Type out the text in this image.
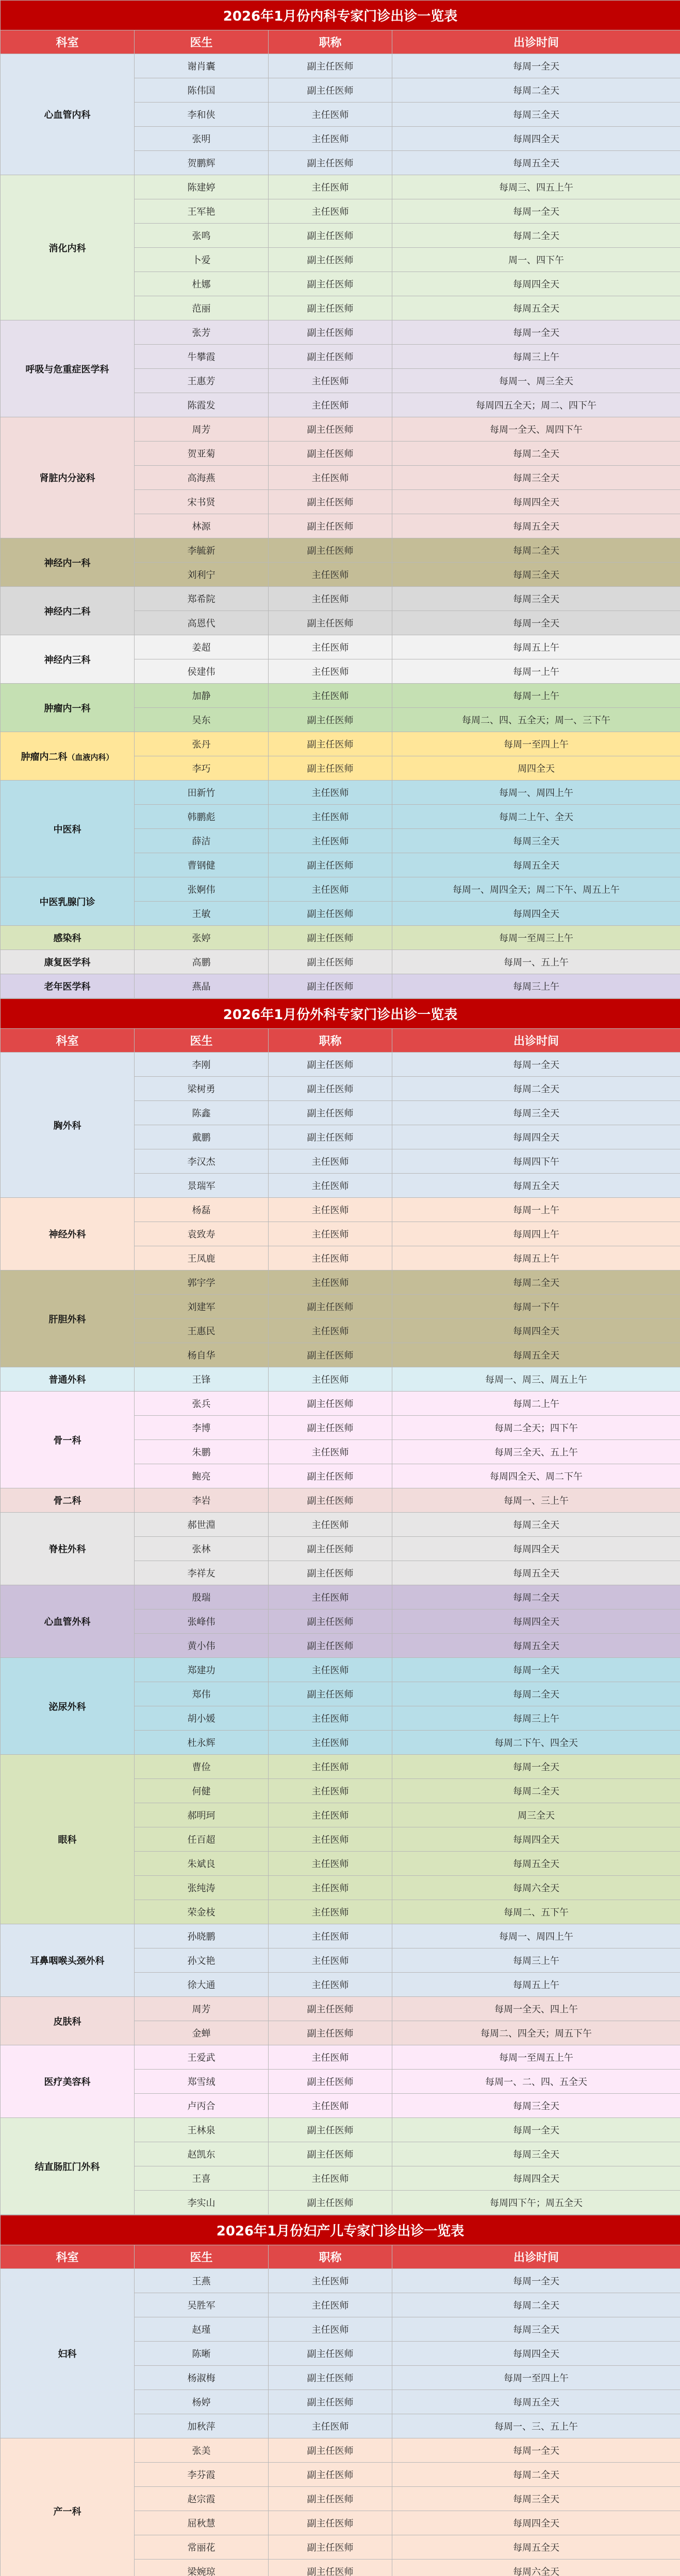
2026年1月份内科专家门诊出诊一览表			
科室	医生	职称	出诊时间
心血管内科	谢肖囊	副主任医师	每周一全天
	陈伟国	副主任医师	每周二全天
	李和侠	主任医师	每周三全天
	张明	主任医师	每周四全天
	贺鹏辉	副主任医师	每周五全天
消化内科	陈建婷	主任医师	每周三、四五上午
	王军艳	主任医师	每周一全天
	张鸣	副主任医师	每周二全天
	卜爱	副主任医师	周一、四下午
	杜娜	副主任医师	每周四全天
	范丽	副主任医师	每周五全天
呼吸与危重症医学科	张芳	副主任医师	每周一全天
	牛攀霞	副主任医师	每周三上午
	王惠芳	主任医师	每周一、周三全天
	陈霞发	主任医师	每周四五全天；周二、四下午
肾脏内分泌科	周芳	副主任医师	每周一全天、周四下午
	贺亚菊	副主任医师	每周二全天
	高海燕	主任医师	每周三全天
	宋书贤	副主任医师	每周四全天
	林源	副主任医师	每周五全天
神经内一科	李毓新	副主任医师	每周二全天
	刘利宁	主任医师	每周三全天
神经内二科	郑希院	主任医师	每周三全天
	高恩代	副主任医师	每周一全天
神经内三科	姜超	主任医师	每周五上午
	侯建伟	主任医师	每周一上午
肿瘤内一科	加静	主任医师	每周一上午
	吴东	副主任医师	每周二、四、五全天；周一、三下午
肿瘤内二科（血液内科）	张丹	副主任医师	每周一至四上午
	李巧	副主任医师	周四全天
中医科	田新竹	主任医师	每周一、周四上午
	韩鹏彪	主任医师	每周二上午、全天
	薛洁	主任医师	每周三全天
	曹钢健	副主任医师	每周五全天
中医乳腺门诊	张婀伟	主任医师	每周一、周四全天；周二下午、周五上午
	王敏	副主任医师	每周四全天
感染科	张婷	副主任医师	每周一至周三上午
康复医学科	高鹏	副主任医师	每周一、五上午
老年医学科	燕晶	副主任医师	每周三上午
2026年1月份外科专家门诊出诊一览表			
科室	医生	职称	出诊时间
胸外科	李刚	副主任医师	每周一全天
	梁树勇	副主任医师	每周二全天
	陈鑫	副主任医师	每周三全天
	戴鹏	副主任医师	每周四全天
	李汉杰	主任医师	每周四下午
	景瑞军	主任医师	每周五全天
神经外科	杨磊	主任医师	每周一上午
	袁致寿	主任医师	每周四上午
	王凤鹿	主任医师	每周五上午
肝胆外科	郭宇学	主任医师	每周二全天
	刘建军	副主任医师	每周一下午
	王惠民	主任医师	每周四全天
	杨自华	副主任医师	每周五全天
普通外科	王锋	主任医师	每周一、周三、周五上午
骨一科	张兵	副主任医师	每周二上午
	李博	副主任医师	每周二全天；四下午
	朱鹏	主任医师	每周三全天、五上午
	鲍亮	副主任医师	每周四全天、周二下午
骨二科	李岩	副主任医师	每周一、三上午
脊柱外科	郝世淵	主任医师	每周三全天
	张林	副主任医师	每周四全天
	李祥友	副主任医师	每周五全天
心血管外科	殷瑞	主任医师	每周二全天
	张峰伟	副主任医师	每周四全天
	黄小伟	副主任医师	每周五全天
泌尿外科	郑建功	主任医师	每周一全天
	郑伟	副主任医师	每周二全天
	胡小媛	主任医师	每周三上午
	杜永辉	主任医师	每周二下午、四全天
眼科	曹俭	主任医师	每周一全天
	何健	主任医师	每周二全天
	郝明珂	主任医师	周三全天
	任百超	主任医师	每周四全天
	朱斌良	主任医师	每周五全天
	张纯涛	主任医师	每周六全天
	荣金枝	主任医师	每周二、五下午
耳鼻咽喉头颈外科	孙晓鹏	主任医师	每周一、周四上午
	孙文艳	主任医师	每周三上午
	徐大通	主任医师	每周五上午
皮肤科	周芳	副主任医师	每周一全天、四上午
	金蝉	副主任医师	每周二、四全天；周五下午
医疗美容科	王爱武	主任医师	每周一至周五上午
	郑雪绒	副主任医师	每周一、二、四、五全天
	卢丙合	主任医师	每周三全天
结直肠肛门外科	王林泉	副主任医师	每周一全天
	赵凯东	副主任医师	每周三全天
	王喜	主任医师	每周四全天
	李实山	副主任医师	每周四下午；周五全天
2026年1月份妇产儿专家门诊出诊一览表			
科室	医生	职称	出诊时间
妇科	王燕	主任医师	每周一全天
	吴胜军	主任医师	每周二全天
	赵瑾	主任医师	每周三全天
	陈晰	副主任医师	每周四全天
	杨淑梅	副主任医师	每周一至四上午
	杨婷	副主任医师	每周五全天
	加秋萍	主任医师	每周一、三、五上午
产一科	张美	副主任医师	每周一全天
	李芬霞	副主任医师	每周二全天
	赵宗霞	副主任医师	每周三全天
	屈秋慧	副主任医师	每周四全天
	常丽花	副主任医师	每周五全天
	梁婉琼	副主任医师	每周六全天
